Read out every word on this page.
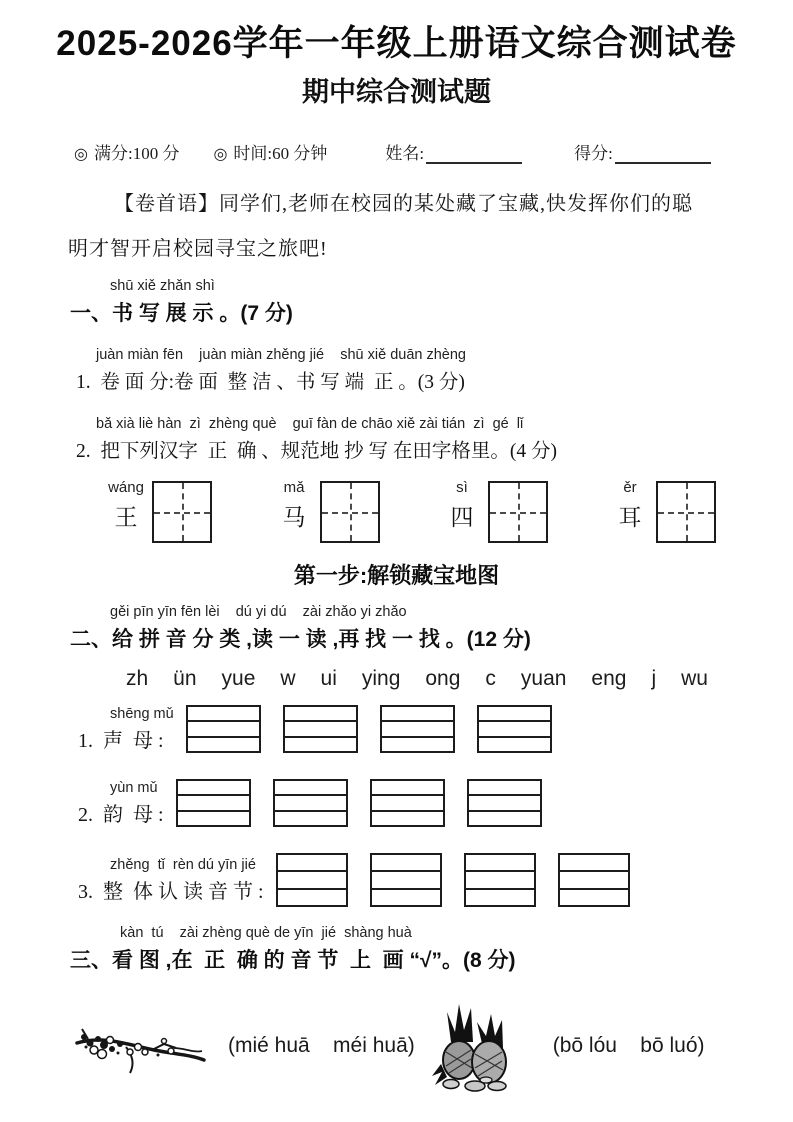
2025-2026学年一年级上册语文综合测试卷
期中综合测试题
◎ 满分:100 分 ◎ 时间:60 分钟	姓名:	得分:
【卷首语】同学们,老师在校园的某处藏了宝藏,快发挥你们的聪
明才智开启校园寻宝之旅吧!
shū xiě zhǎn shì
一、书 写 展 示 。(7 分)
juàn miàn fēn    juàn miàn zhěng jié    shū xiě duān zhèng
1.  卷 面 分:卷 面  整 洁 、书 写 端  正 。(3 分)
bǎ xià liè hàn  zì  zhèng què    guī fàn de chāo xiě zài tián  zì  gé  lǐ
2.  把下列汉字  正  确 、规范地 抄 写 在田字格里。(4 分)
wáng
王
mǎ
马
sì
四
ěr
耳
第一步:解锁藏宝地图
gěi pīn yīn fēn lèi    dú yi dú    zài zhǎo yi zhǎo
二、给 拼 音 分 类 ,读 一 读 ,再 找 一 找 。(12 分)
zh ün yue w ui ying ong c yuan eng j wu
shēng mǔ
1.  声  母 :
yùn mǔ
2.  韵  母 :
zhěng  tǐ  rèn dú yīn jié
3.  整  体 认 读 音 节 :
kàn  tú    zài zhèng què de yīn  jié  shàng huà
三、看 图 ,在  正  确 的 音 节  上  画 “√”。(8 分)
(mié huā    méi huā)	(bō lóu    bō luó)
